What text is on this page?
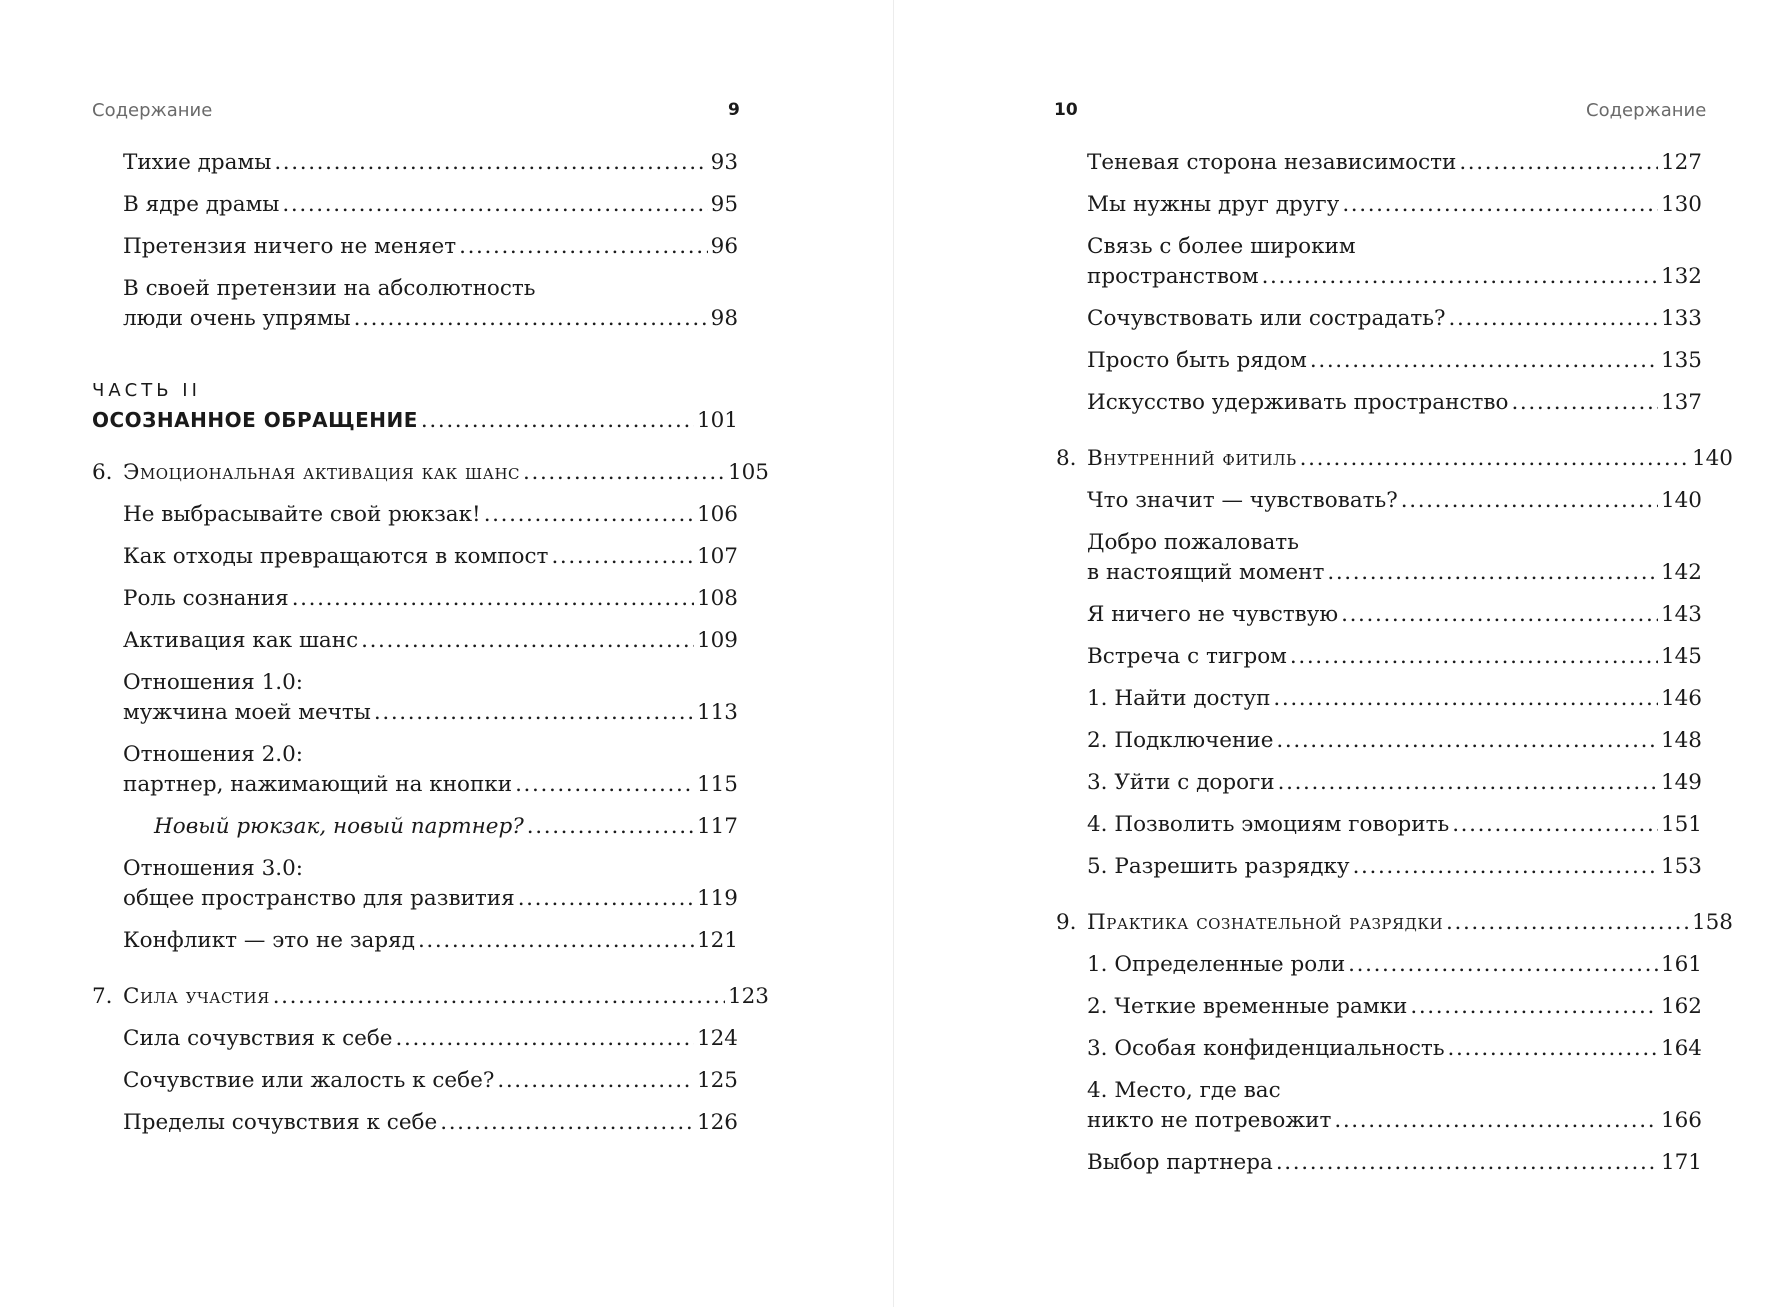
Содержание	9
Тихие драмы . . .	93
В ядре драмы . . .	95
Претензия ничего не меняет . . .	96
В своей претензии на абсолютность
люди очень упрямы . . .	98
ЧАСТЬ II
ОСОЗНАННОЕ ОБРАЩЕНИЕ . . .	101
6. Эмоциональная активация как шанс . . .	105
Не выбрасывайте свой рюкзак! . . .	106
Как отходы превращаются в компост . . .	107
Роль сознания . . .	108
Активация как шанс . . .	109
Отношения 1.0:
мужчина моей мечты . . .	113
Отношения 2.0:
партнер, нажимающий на кнопки . . .	115
Новый рюкзак, новый партнер? . . .	117
Отношения 3.0:
общее пространство для развития . . .	119
Конфликт — это не заряд . . .	121
7. Сила участия . . .	123
Сила сочувствия к себе . . .	124
Сочувствие или жалость к себе? . . .	125
Пределы сочувствия к себе . . .	126
10	Содержание
Теневая сторона независимости . . .	127
Мы нужны друг другу . . .	130
Связь с более широким
пространством . . .	132
Сочувствовать или сострадать? . . .	133
Просто быть рядом . . .	135
Искусство удерживать пространство . . .	137
8. Внутренний фитиль . . .	140
Что значит — чувствовать? . . .	140
Добро пожаловать
в настоящий момент . . .	142
Я ничего не чувствую . . .	143
Встреча с тигром . . .	145
1. Найти доступ . . .	146
2. Подключение . . .	148
3. Уйти с дороги . . .	149
4. Позволить эмоциям говорить . . .	151
5. Разрешить разрядку . . .	153
9. Практика сознательной разрядки . . .	158
1. Определенные роли . . .	161
2. Четкие временные рамки . . .	162
3. Особая конфиденциальность . . .	164
4. Место, где вас
никто не потревожит . . .	166
Выбор партнера . . .	171
